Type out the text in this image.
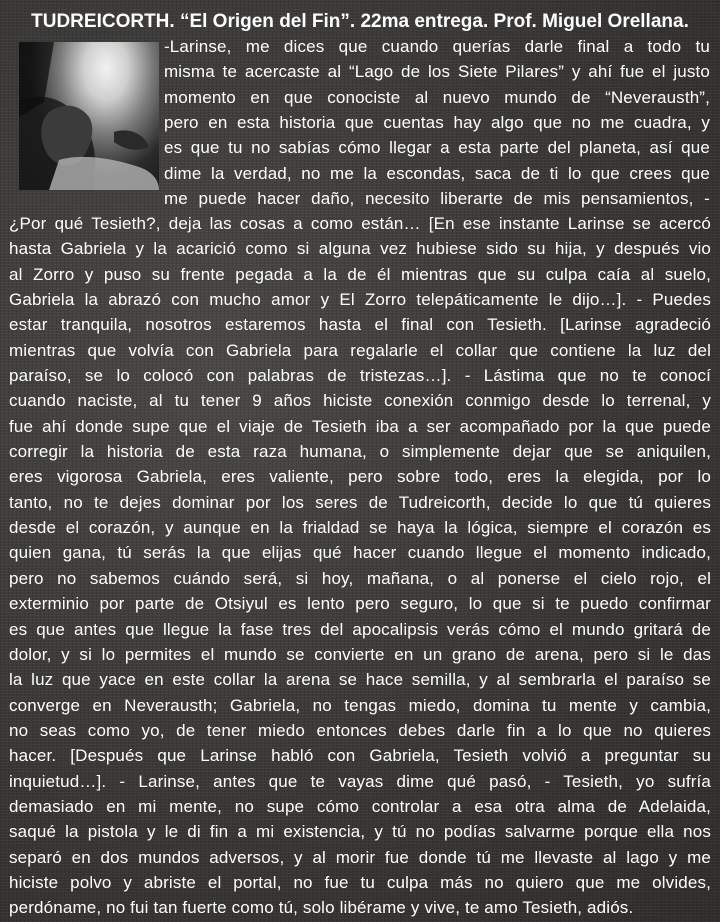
TUDREICORTH. “El Origen del Fin”. 22ma entrega. Prof. Miguel Orellana.
-Larinse, me dices que cuando querías darle final a todo tu
misma te acercaste al “Lago de los Siete Pilares” y ahí fue el justo
momento en que conociste al nuevo mundo de “Neverausth”,
pero en esta historia que cuentas hay algo que no me cuadra, y
es que tu no sabías cómo llegar a esta parte del planeta, así que
dime la verdad, no me la escondas, saca de ti lo que crees que
me puede hacer daño, necesito liberarte de mis pensamientos, -
¿Por qué Tesieth?, deja las cosas a como están… [En ese instante Larinse se acercó
hasta Gabriela y la acarició como si alguna vez hubiese sido su hija, y después vio
al Zorro y puso su frente pegada a la de él mientras que su culpa caía al suelo,
Gabriela la abrazó con mucho amor y El Zorro telepáticamente le dijo…]. - Puedes
estar tranquila, nosotros estaremos hasta el final con Tesieth. [Larinse agradeció
mientras que volvía con Gabriela para regalarle el collar que contiene la luz del
paraíso, se lo colocó con palabras de tristezas…]. - Lástima que no te conocí
cuando naciste, al tu tener 9 años hiciste conexión conmigo desde lo terrenal, y
fue ahí donde supe que el viaje de Tesieth iba a ser acompañado por la que puede
corregir la historia de esta raza humana, o simplemente dejar que se aniquilen,
eres vigorosa Gabriela, eres valiente, pero sobre todo, eres la elegida, por lo
tanto, no te dejes dominar por los seres de Tudreicorth, decide lo que tú quieres
desde el corazón, y aunque en la frialdad se haya la lógica, siempre el corazón es
quien gana, tú serás la que elijas qué hacer cuando llegue el momento indicado,
pero no sabemos cuándo será, si hoy, mañana, o al ponerse el cielo rojo, el
exterminio por parte de Otsiyul es lento pero seguro, lo que si te puedo confirmar
es que antes que llegue la fase tres del apocalipsis verás cómo el mundo gritará de
dolor, y si lo permites el mundo se convierte en un grano de arena, pero si le das
la luz que yace en este collar la arena se hace semilla, y al sembrarla el paraíso se
converge en Neverausth; Gabriela, no tengas miedo, domina tu mente y cambia,
no seas como yo, de tener miedo entonces debes darle fin a lo que no quieres
hacer. [Después que Larinse habló con Gabriela, Tesieth volvió a preguntar su
inquietud…]. - Larinse, antes que te vayas dime qué pasó, - Tesieth, yo sufría
demasiado en mi mente, no supe cómo controlar a esa otra alma de Adelaida,
saqué la pistola y le di fin a mi existencia, y tú no podías salvarme porque ella nos
separó en dos mundos adversos, y al morir fue donde tú me llevaste al lago y me
hiciste polvo y abriste el portal, no fue tu culpa más no quiero que me olvides,
perdóname, no fui tan fuerte como tú, solo libérame y vive, te amo Tesieth, adiós.
